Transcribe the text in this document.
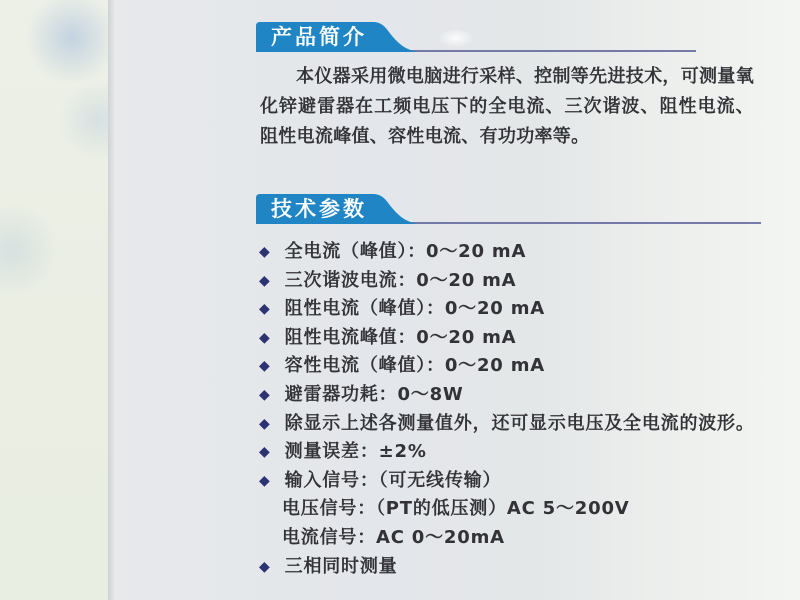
产品简介

本仪器采用微电脑进行采样、控制等先进技术，可测量氧化锌避雷器在工频电压下的全电流、三次谐波、阻性电流、阻性电流峰值、容性电流、有功功率等。

技术参数
◆ 全电流（峰值）：0～20 mA
◆ 三次谐波电流：0～20 mA
◆ 阻性电流（峰值）：0～20 mA
◆ 阻性电流峰值：0～20 mA
◆ 容性电流（峰值）：0～20 mA
◆ 避雷器功耗：0～8W
◆ 除显示上述各测量值外，还可显示电压及全电流的波形。
◆ 测量误差：±2%
◆ 输入信号：（可无线传输）
电压信号：（PT的低压测）AC 5～200V
电流信号：AC 0～20mA
◆ 三相同时测量
